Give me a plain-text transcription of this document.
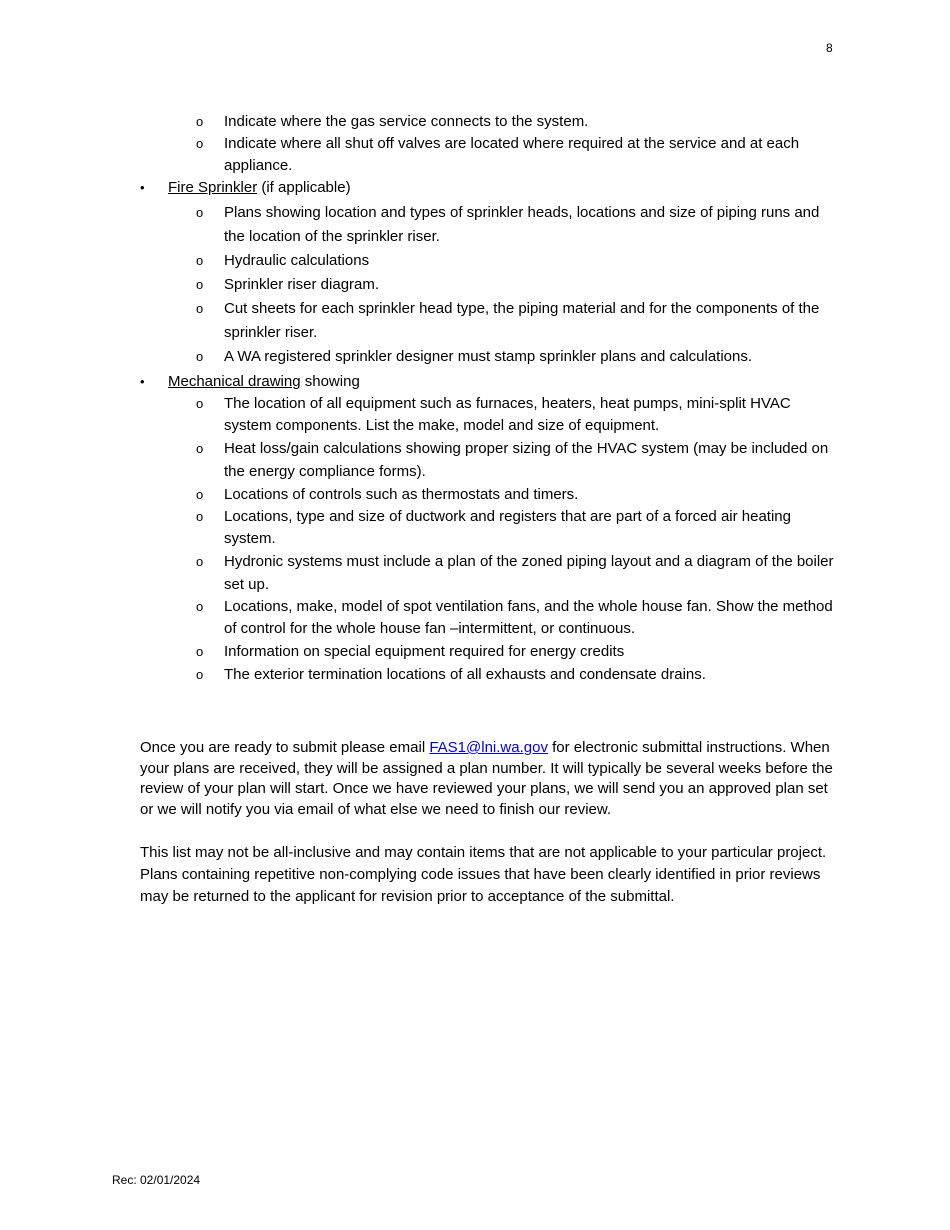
8
o Indicate where the gas service connects to the system.
o Indicate where all shut off valves are located where required at the service and at each appliance.
• Fire Sprinkler (if applicable)
o Plans showing location and types of sprinkler heads, locations and size of piping runs and the location of the sprinkler riser.
o Hydraulic calculations
o Sprinkler riser diagram.
o Cut sheets for each sprinkler head type, the piping material and for the components of the sprinkler riser.
o A WA registered sprinkler designer must stamp sprinkler plans and calculations.
• Mechanical drawing showing
o The location of all equipment such as furnaces, heaters, heat pumps, mini-split HVAC system components. List the make, model and size of equipment.
o Heat loss/gain calculations showing proper sizing of the HVAC system (may be included on the energy compliance forms).
o Locations of controls such as thermostats and timers.
o Locations, type and size of ductwork and registers that are part of a forced air heating system.
o Hydronic systems must include a plan of the zoned piping layout and a diagram of the boiler set up.
o Locations, make, model of spot ventilation fans, and the whole house fan. Show the method of control for the whole house fan –intermittent, or continuous.
o Information on special equipment required for energy credits
o The exterior termination locations of all exhausts and condensate drains.

Once you are ready to submit please email FAS1@lni.wa.gov for electronic submittal instructions. When your plans are received, they will be assigned a plan number. It will typically be several weeks before the review of your plan will start. Once we have reviewed your plans, we will send you an approved plan set or we will notify you via email of what else we need to finish our review.

This list may not be all-inclusive and may contain items that are not applicable to your particular project. Plans containing repetitive non-complying code issues that have been clearly identified in prior reviews may be returned to the applicant for revision prior to acceptance of the submittal.

Rec: 02/01/2024
